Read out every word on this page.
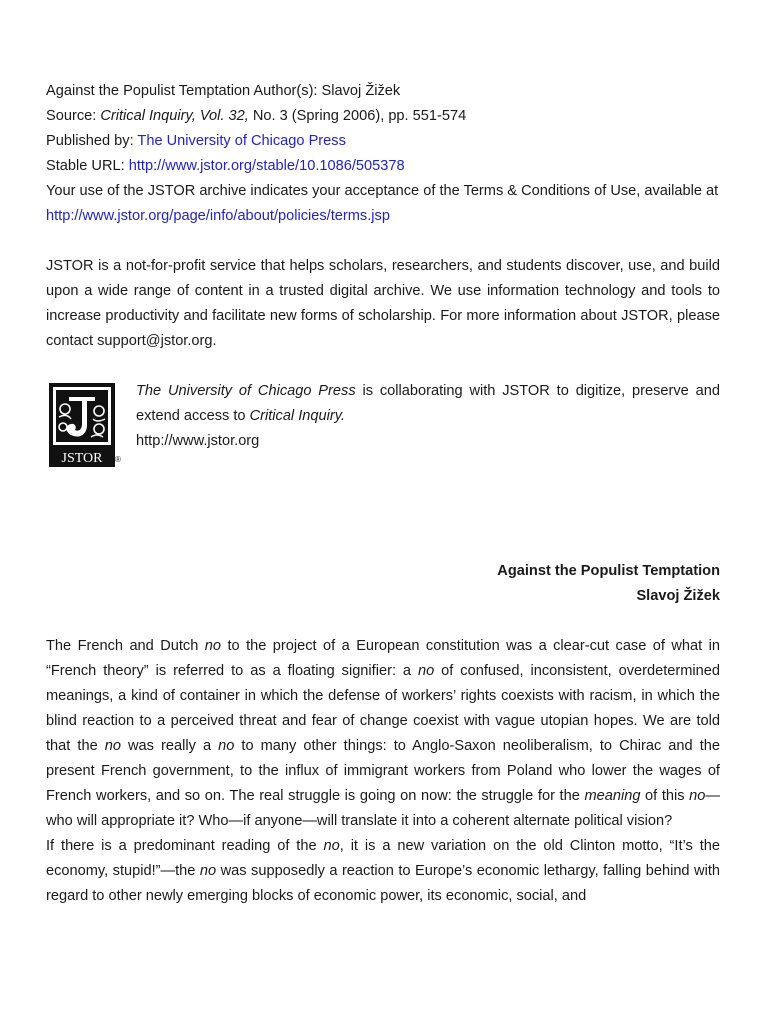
Against the Populist Temptation Author(s): Slavoj Žižek
Source: Critical Inquiry, Vol. 32, No. 3 (Spring 2006), pp. 551-574
Published by: The University of Chicago Press
Stable URL: http://www.jstor.org/stable/10.1086/505378
Your use of the JSTOR archive indicates your acceptance of the Terms & Conditions of Use, available at
http://www.jstor.org/page/info/about/policies/terms.jsp
JSTOR is a not-for-profit service that helps scholars, researchers, and students discover, use, and build upon a wide range of content in a trusted digital archive. We use information technology and tools to increase productivity and facilitate new forms of scholarship. For more information about JSTOR, please contact support@jstor.org.
JSTOR ®
The University of Chicago Press is collaborating with JSTOR to digitize, preserve and extend access to Critical Inquiry.
http://www.jstor.org
Against the Populist Temptation
Slavoj Žižek
The French and Dutch no to the project of a European constitution was a clear-cut case of what in “French theory” is referred to as a floating signifier: a no of confused, inconsistent, overdetermined meanings, a kind of container in which the defense of workers’ rights coexists with racism, in which the blind reaction to a perceived threat and fear of change coexist with vague utopian hopes. We are told that the no was really a no to many other things: to Anglo-Saxon neoliberalism, to Chirac and the present French government, to the influx of immigrant workers from Poland who lower the wages of French workers, and so on. The real struggle is going on now: the struggle for the meaning of this no—who will appropriate it? Who—if anyone—will translate it into a coherent alternate political vision?
If there is a predominant reading of the no, it is a new variation on the old Clinton motto, “It’s the economy, stupid!”—the no was supposedly a reaction to Europe’s economic lethargy, falling behind with regard to other newly emerging blocks of economic power, its economic, social, and
